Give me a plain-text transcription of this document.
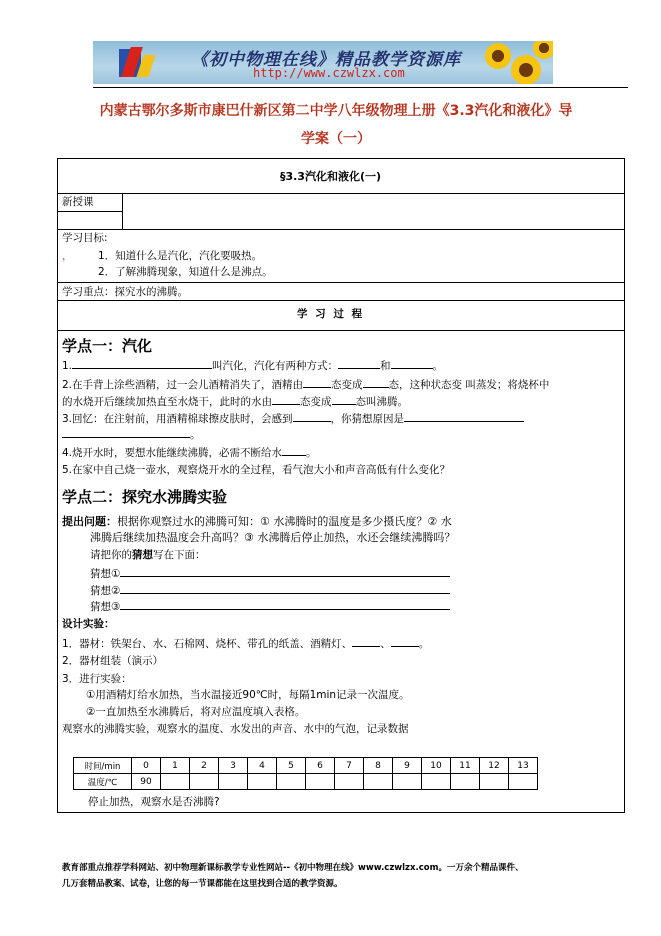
《初中物理在线》精品教学资源库
http://www.czwlzx.com
内蒙古鄂尔多斯市康巴什新区第二中学八年级物理上册《3.3汽化和液化》导
学案（一）
§3.3汽化和液化(一)
新授课
学习目标:
， 1．知道什么是汽化，汽化要吸热。
2．了解沸腾现象，知道什么是沸点。
学习重点：探究水的沸腾。
学 习 过 程
学点一：汽化
1.	叫汽化，汽化有两种方式：	和	。
2.在手背上涂些酒精，过一会儿酒精消失了，酒精由	态变成 态，这种状态变 叫蒸发；将烧杯中
的水烧开后继续加热直至水烧干，此时的水由	态变成 态叫沸腾。
3.回忆：在注射前，用酒精棉球擦皮肤时，会感到	，你猜想原因是
。
4.烧开水时，要想水能继续沸腾，必需不断给水 。
5.在家中自己烧一壶水，观察烧开水的全过程，看气泡大小和声音高低有什么变化？
学点二：探究水沸腾实验
提出问题：根据你观察过水的沸腾可知：① 水沸腾时的温度是多少摄氏度？② 水
沸腾后继续加热温度会升高吗？③ 水沸腾后停止加热，水还会继续沸腾吗？
请把你的猜想写在下面：
猜想①
猜想②
猜想③
设计实验：
1．器材：铁架台、水、石棉网、烧杯、带孔的纸盖、酒精灯、	、	。
2．器材组装（演示）
3．进行实验：
①用酒精灯给水加热，当水温接近90℃时，每隔1min记录一次温度。
②一直加热至水沸腾后，将对应温度填入表格。
观察水的沸腾实验，观察水的温度、水发出的声音、水中的气泡，记录数据
时间/min	0	1	2	3	4	5	6	7	8	9	10	11	12	13
温度/℃	90													
停止加热，观察水是否沸腾?
教育部重点推荐学科网站、初中物理新课标教学专业性网站--《初中物理在线》www.czwlzx.com。一万余个精品课件、
几万套精品教案、试卷，让您的每一节课都能在这里找到合适的教学资源。
